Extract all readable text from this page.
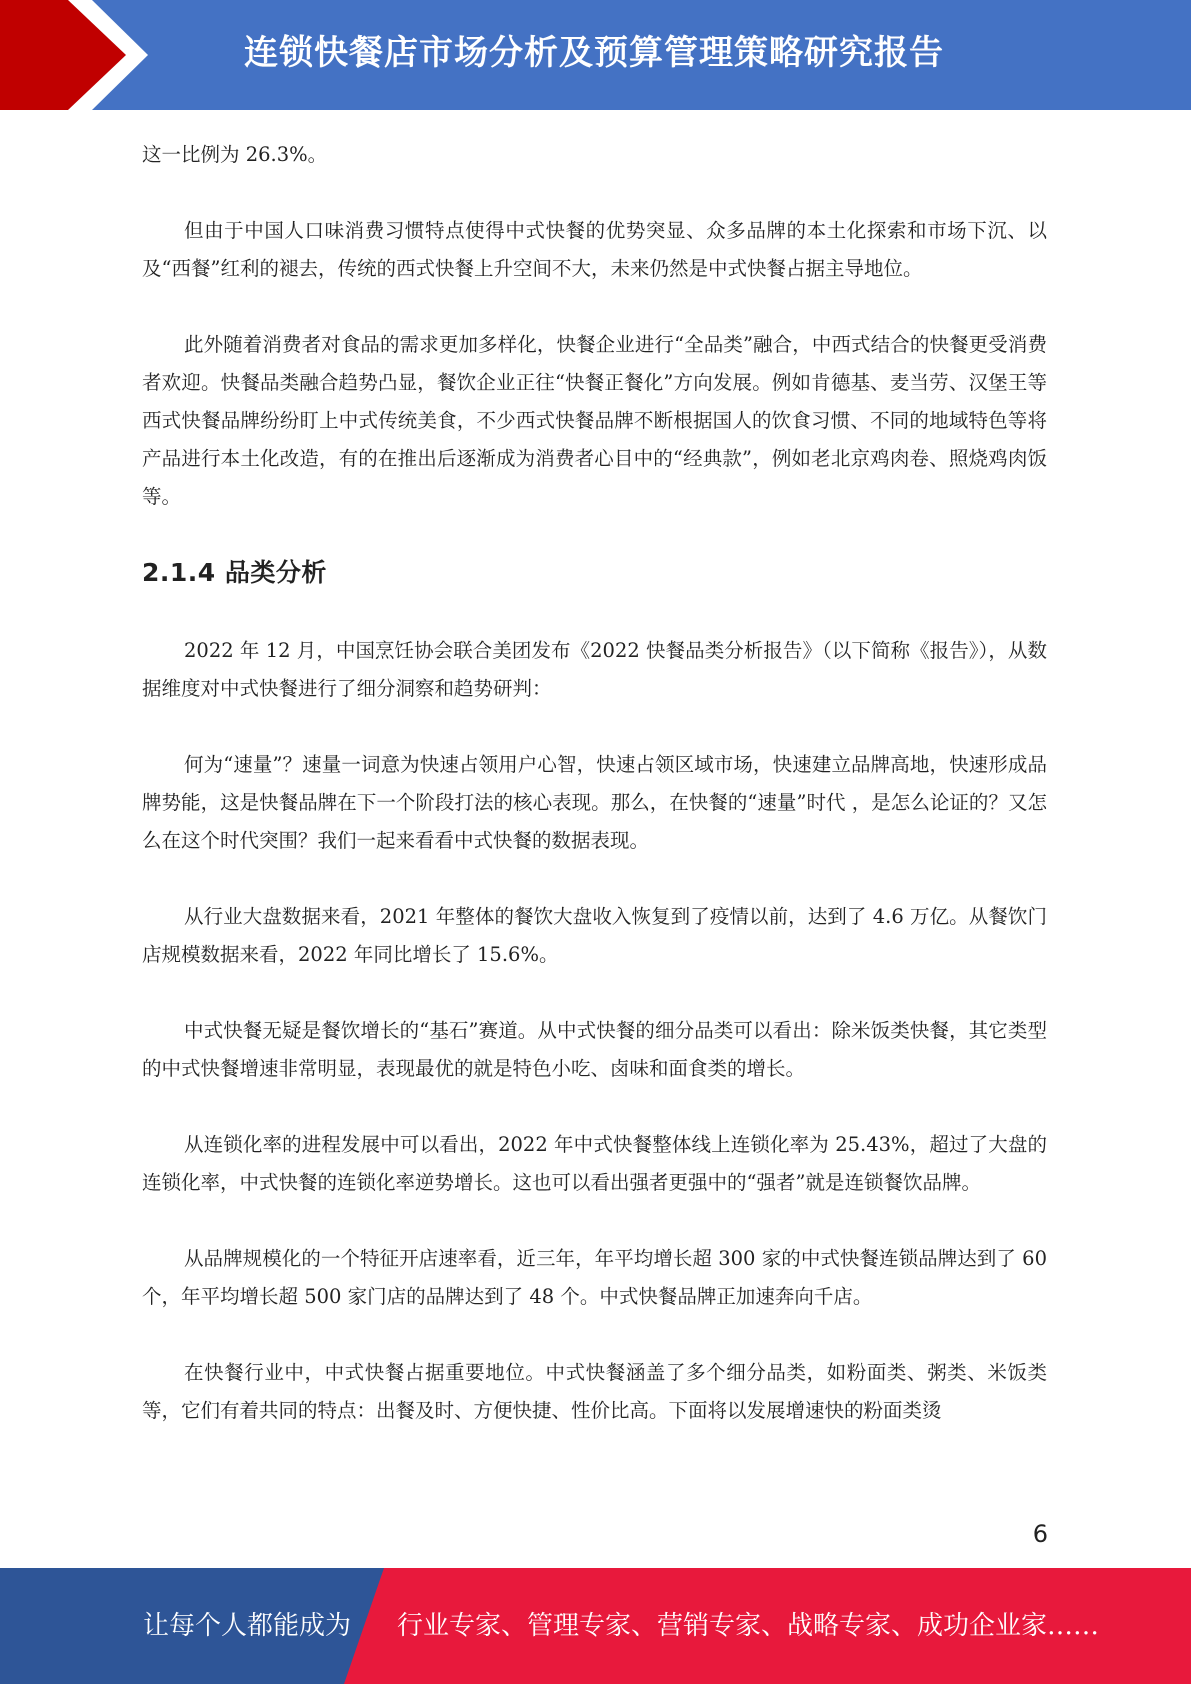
连锁快餐店市场分析及预算管理策略研究报告

这一比例为 26.3%。

但由于中国人口味消费习惯特点使得中式快餐的优势突显、众多品牌的本土化探索和市场下沉、以及“西餐”红利的褪去，传统的西式快餐上升空间不大，未来仍然是中式快餐占据主导地位。

此外随着消费者对食品的需求更加多样化，快餐企业进行“全品类”融合，中西式结合的快餐更受消费者欢迎。快餐品类融合趋势凸显，餐饮企业正往“快餐正餐化”方向发展。例如肯德基、麦当劳、汉堡王等西式快餐品牌纷纷盯上中式传统美食，不少西式快餐品牌不断根据国人的饮食习惯、不同的地域特色等将产品进行本土化改造，有的在推出后逐渐成为消费者心目中的“经典款”，例如老北京鸡肉卷、照烧鸡肉饭等。

2.1.4 品类分析

2022 年 12 月，中国烹饪协会联合美团发布《2022 快餐品类分析报告》（以下简称《报告》），从数据维度对中式快餐进行了细分洞察和趋势研判：

何为“速量”？速量一词意为快速占领用户心智，快速占领区域市场，快速建立品牌高地，快速形成品牌势能，这是快餐品牌在下一个阶段打法的核心表现。那么，在快餐的“速量”时代 ，是怎么论证的？又怎么在这个时代突围？我们一起来看看中式快餐的数据表现。

从行业大盘数据来看，2021 年整体的餐饮大盘收入恢复到了疫情以前，达到了 4.6 万亿。从餐饮门店规模数据来看，2022 年同比增长了 15.6%。

中式快餐无疑是餐饮增长的“基石”赛道。从中式快餐的细分品类可以看出：除米饭类快餐，其它类型的中式快餐增速非常明显，表现最优的就是特色小吃、卤味和面食类的增长。

从连锁化率的进程发展中可以看出，2022 年中式快餐整体线上连锁化率为 25.43%，超过了大盘的连锁化率，中式快餐的连锁化率逆势增长。这也可以看出强者更强中的“强者”就是连锁餐饮品牌。

从品牌规模化的一个特征开店速率看，近三年，年平均增长超 300 家的中式快餐连锁品牌达到了 60 个，年平均增长超 500 家门店的品牌达到了 48 个。中式快餐品牌正加速奔向千店。

在快餐行业中，中式快餐占据重要地位。中式快餐涵盖了多个细分品类，如粉面类、粥类、米饭类等，它们有着共同的特点：出餐及时、方便快捷、性价比高。下面将以发展增速快的粉面类烫

6
让每个人都能成为 行业专家、管理专家、营销专家、战略专家、成功企业家……
